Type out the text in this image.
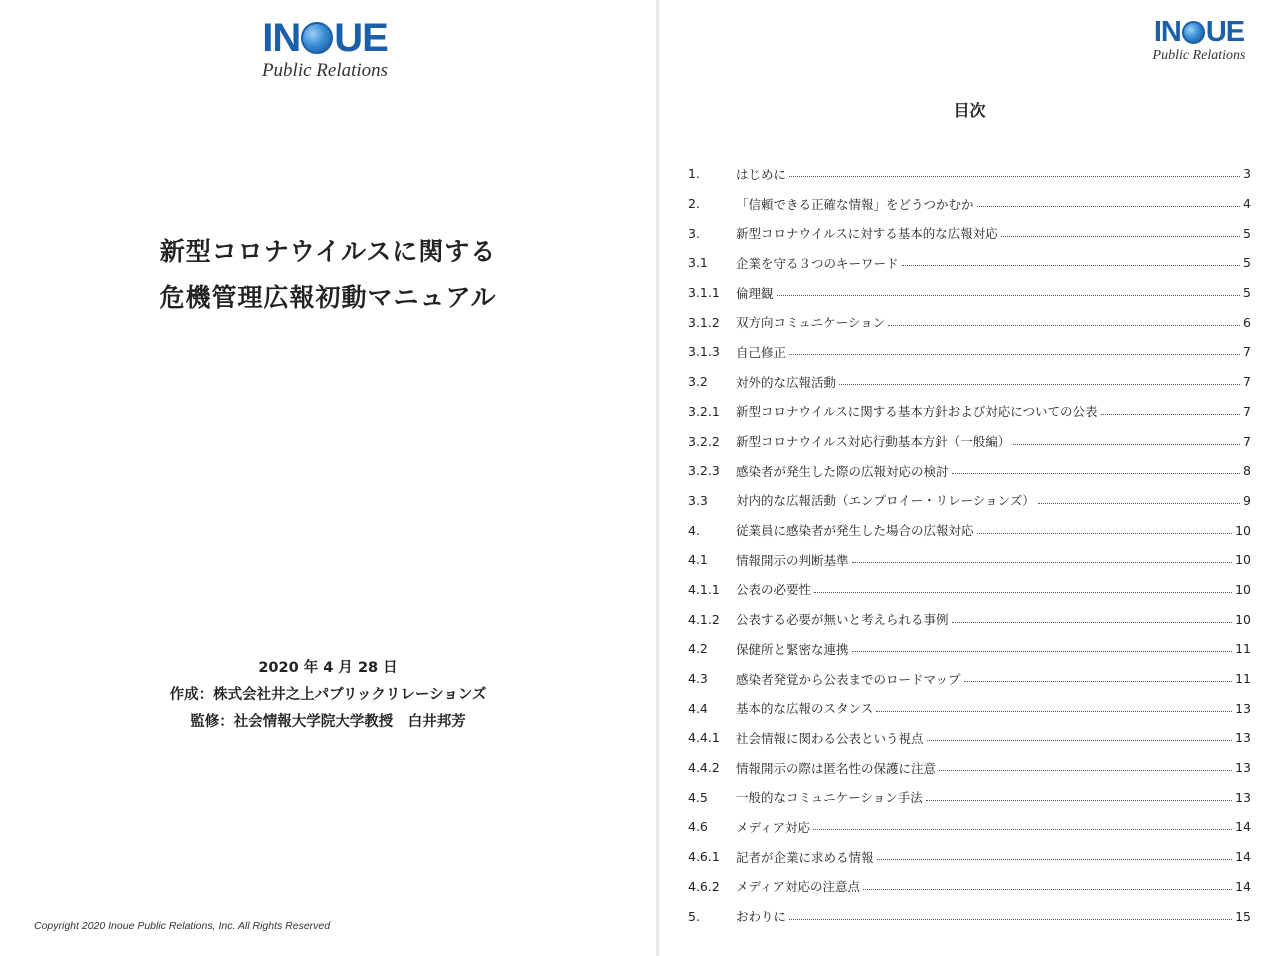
IN UE
Public Relations
新型コロナウイルスに関する
危機管理広報初動マニュアル
2020 年 4 月 28 日
作成：株式会社井之上パブリックリレーションズ
監修：社会情報大学院大学教授　白井邦芳
Copyright 2020 Inoue Public Relations, Inc. All Rights Reserved
IN UE
Public Relations
目次
1.	はじめに	3
2.	「信頼できる正確な情報」をどうつかむか	4
3.	新型コロナウイルスに対する基本的な広報対応	5
3.1	企業を守る３つのキーワード	5
3.1.1	倫理観	5
3.1.2	双方向コミュニケーション	6
3.1.3	自己修正	7
3.2	対外的な広報活動	7
3.2.1	新型コロナウイルスに関する基本方針および対応についての公表	7
3.2.2	新型コロナウイルス対応行動基本方針（一般編）	7
3.2.3	感染者が発生した際の広報対応の検討	8
3.3	対内的な広報活動（エンプロイー・リレーションズ）	9
4.	従業員に感染者が発生した場合の広報対応	10
4.1	情報開示の判断基準	10
4.1.1	公表の必要性	10
4.1.2	公表する必要が無いと考えられる事例	10
4.2	保健所と緊密な連携	11
4.3	感染者発覚から公表までのロードマップ	11
4.4	基本的な広報のスタンス	13
4.4.1	社会情報に関わる公表という視点	13
4.4.2	情報開示の際は匿名性の保護に注意	13
4.5	一般的なコミュニケーション手法	13
4.6	メディア対応	14
4.6.1	記者が企業に求める情報	14
4.6.2	メディア対応の注意点	14
5.	おわりに	15
